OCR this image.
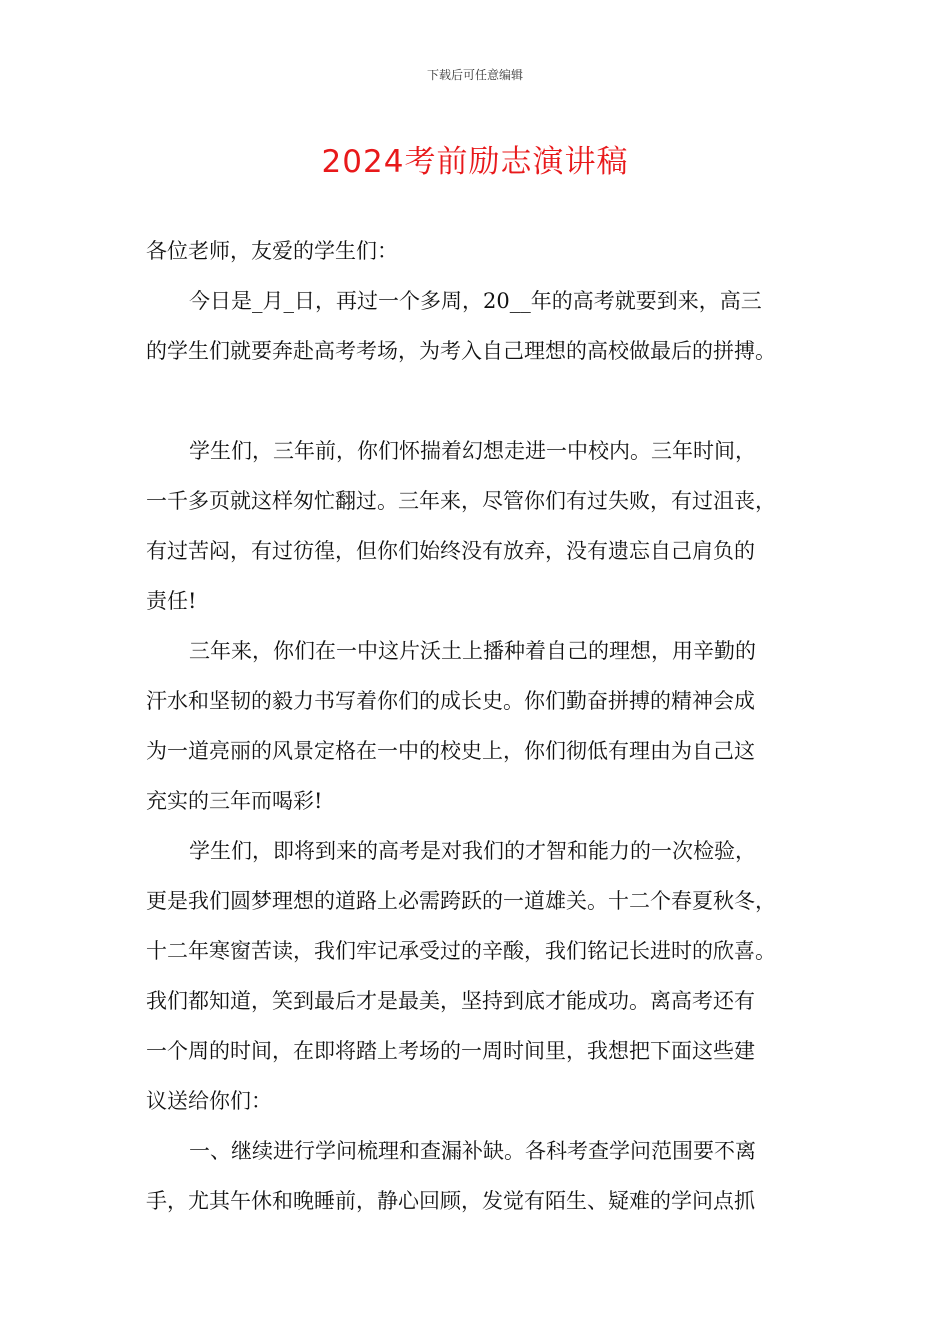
下载后可任意编辑
2024考前励志演讲稿
各位老师，友爱的学生们：
今日是_月_日，再过一个多周，20__年的高考就要到来，高三
的学生们就要奔赴高考考场，为考入自己理想的高校做最后的拼搏。
学生们，三年前，你们怀揣着幻想走进一中校内。三年时间，
一千多页就这样匆忙翻过。三年来，尽管你们有过失败，有过沮丧，
有过苦闷，有过彷徨，但你们始终没有放弃，没有遗忘自己肩负的
责任!
三年来，你们在一中这片沃土上播种着自己的理想，用辛勤的
汗水和坚韧的毅力书写着你们的成长史。你们勤奋拼搏的精神会成
为一道亮丽的风景定格在一中的校史上，你们彻低有理由为自己这
充实的三年而喝彩!
学生们，即将到来的高考是对我们的才智和能力的一次检验，
更是我们圆梦理想的道路上必需跨跃的一道雄关。十二个春夏秋冬，
十二年寒窗苦读，我们牢记承受过的辛酸，我们铭记长进时的欣喜。
我们都知道，笑到最后才是最美，坚持到底才能成功。离高考还有
一个周的时间，在即将踏上考场的一周时间里，我想把下面这些建
议送给你们：
一、继续进行学问梳理和查漏补缺。各科考查学问范围要不离
手，尤其午休和晚睡前，静心回顾，发觉有陌生、疑难的学问点抓
